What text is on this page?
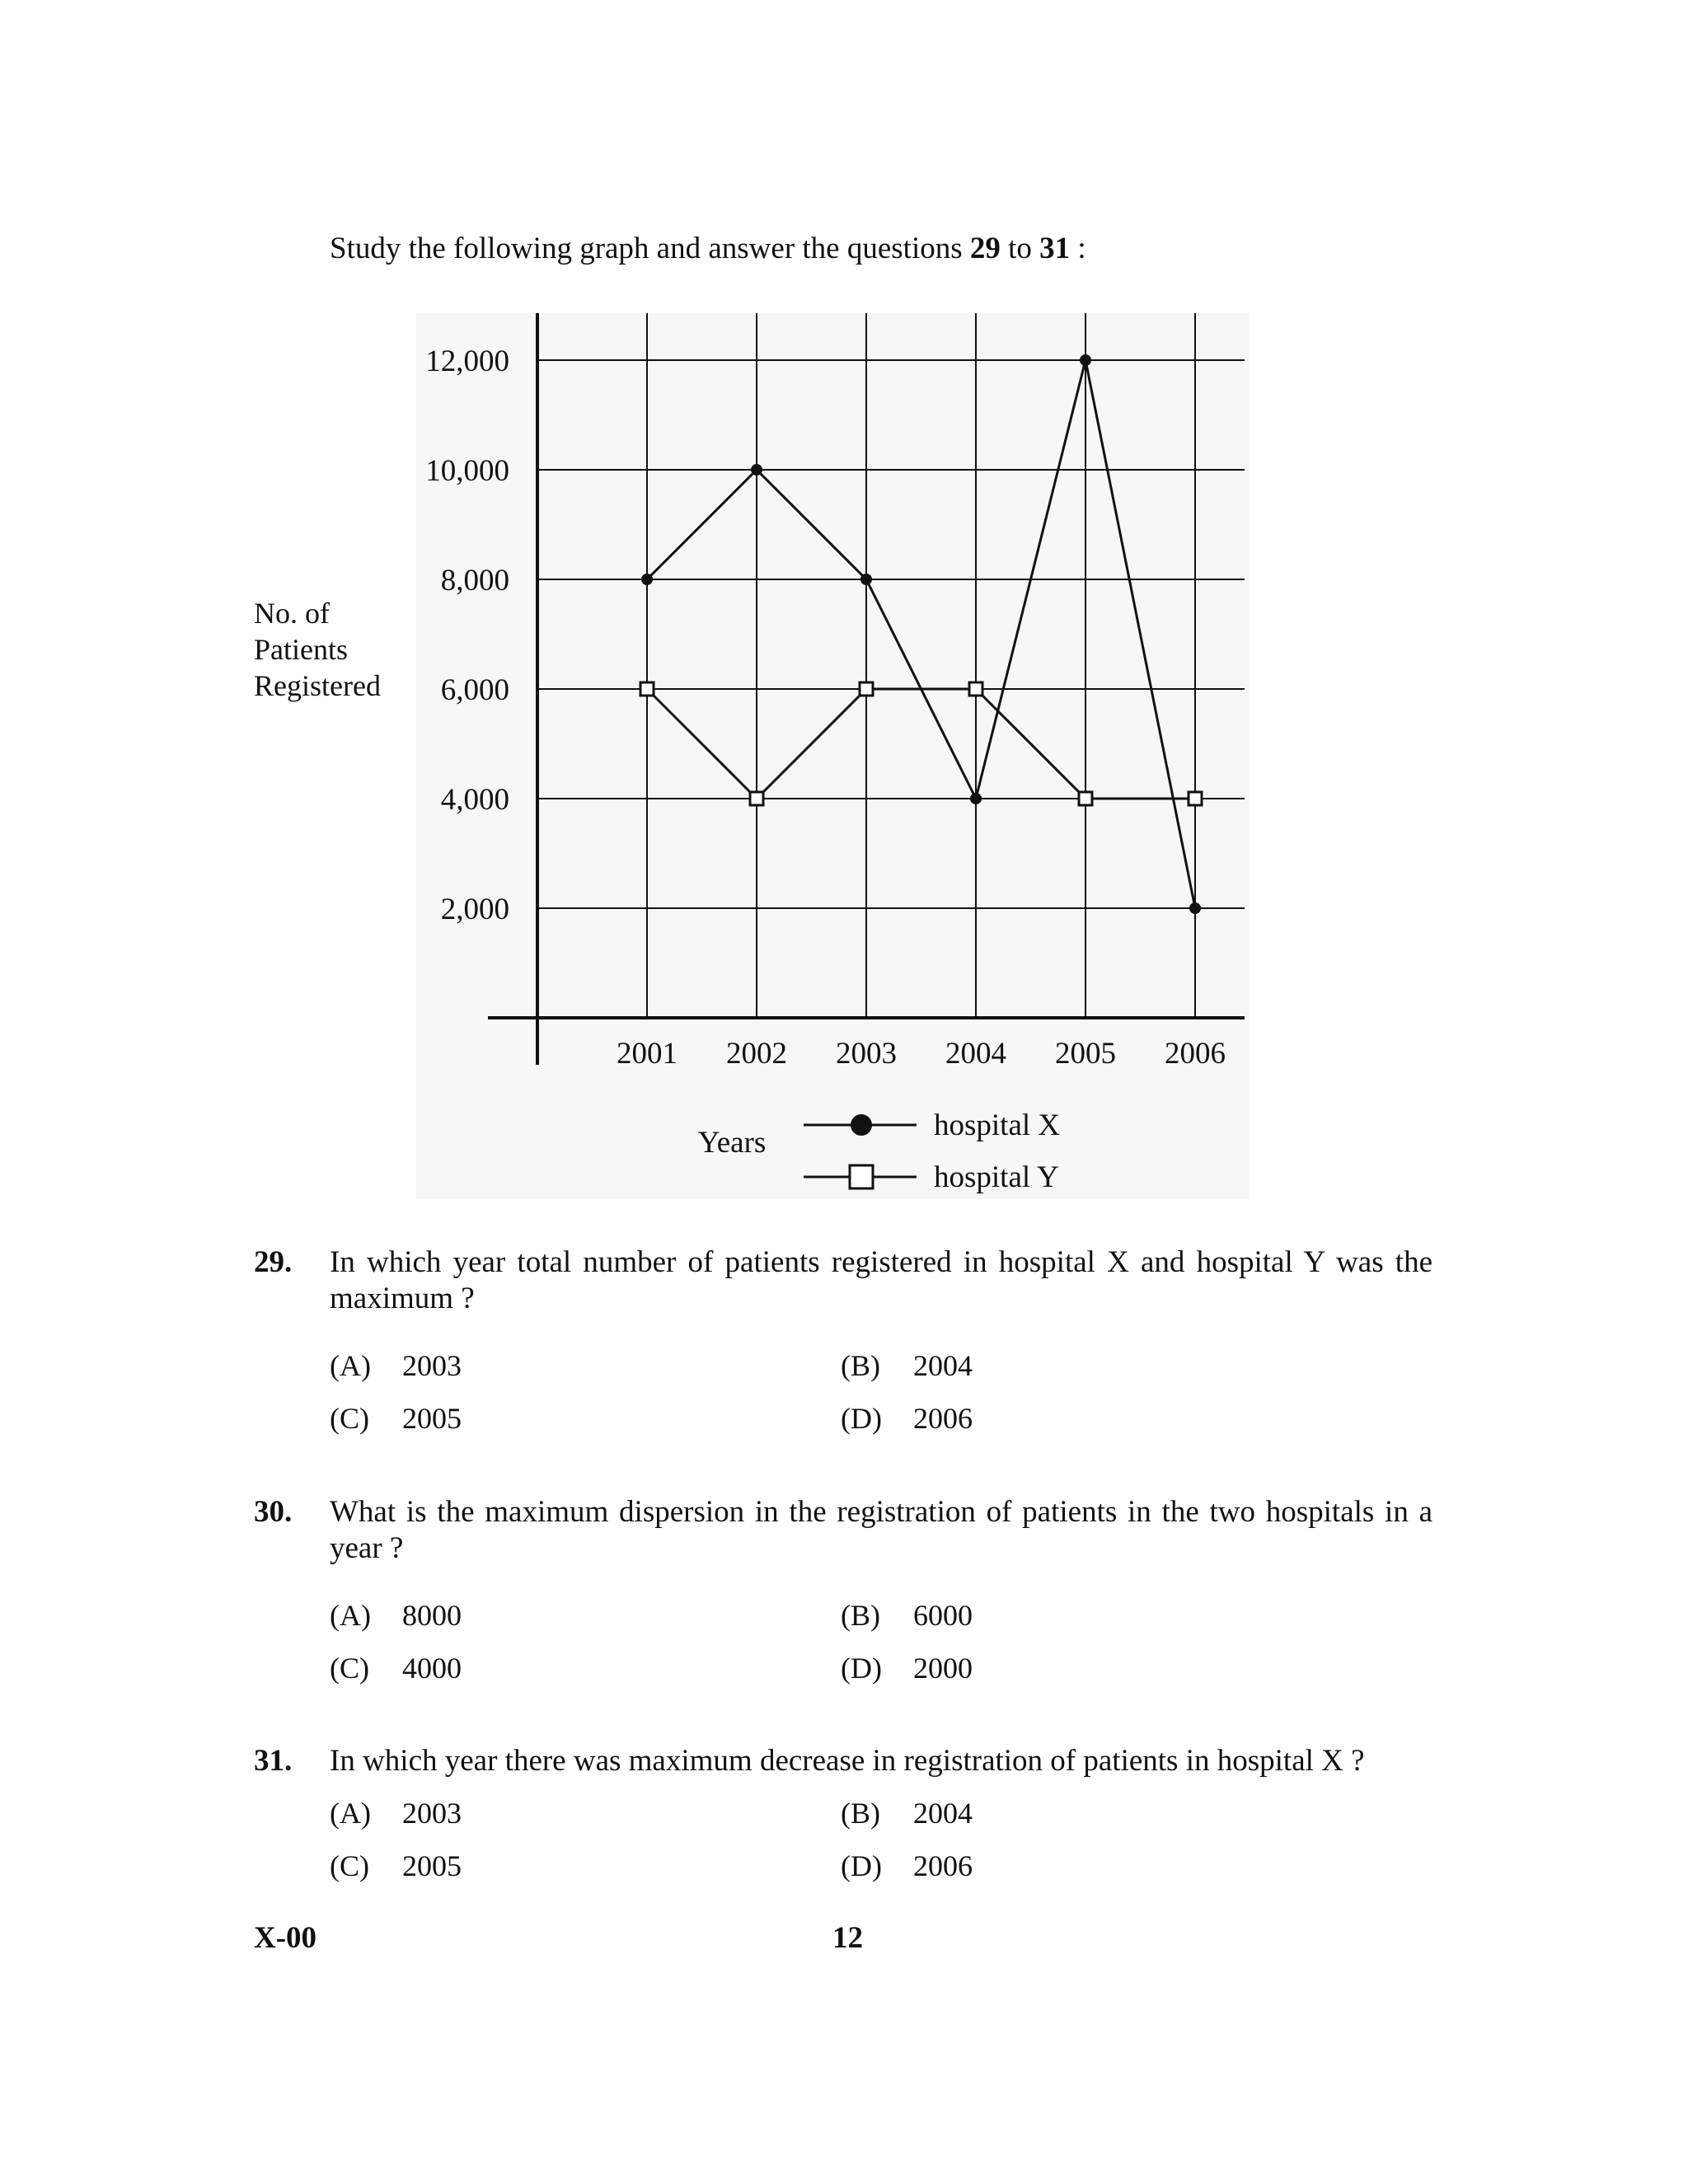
Study the following graph and answer the questions 29 to 31 :
No. of
Patients
Registered
2,000
4,000
6,000
8,000
10,000
12,000
2001 2002 2003 2004 2005 2006
Years
hospital X
hospital Y
29. In which year total number of patients registered in hospital X and hospital Y was the maximum ?
(A) 2003	(B) 2004
(C) 2005	(D) 2006
30. What is the maximum dispersion in the registration of patients in the two hospitals in a year ?
(A) 8000	(B) 6000
(C) 4000	(D) 2000
31. In which year there was maximum decrease in registration of patients in hospital X ?
(A) 2003	(B) 2004
(C) 2005	(D) 2006
X-00	12
